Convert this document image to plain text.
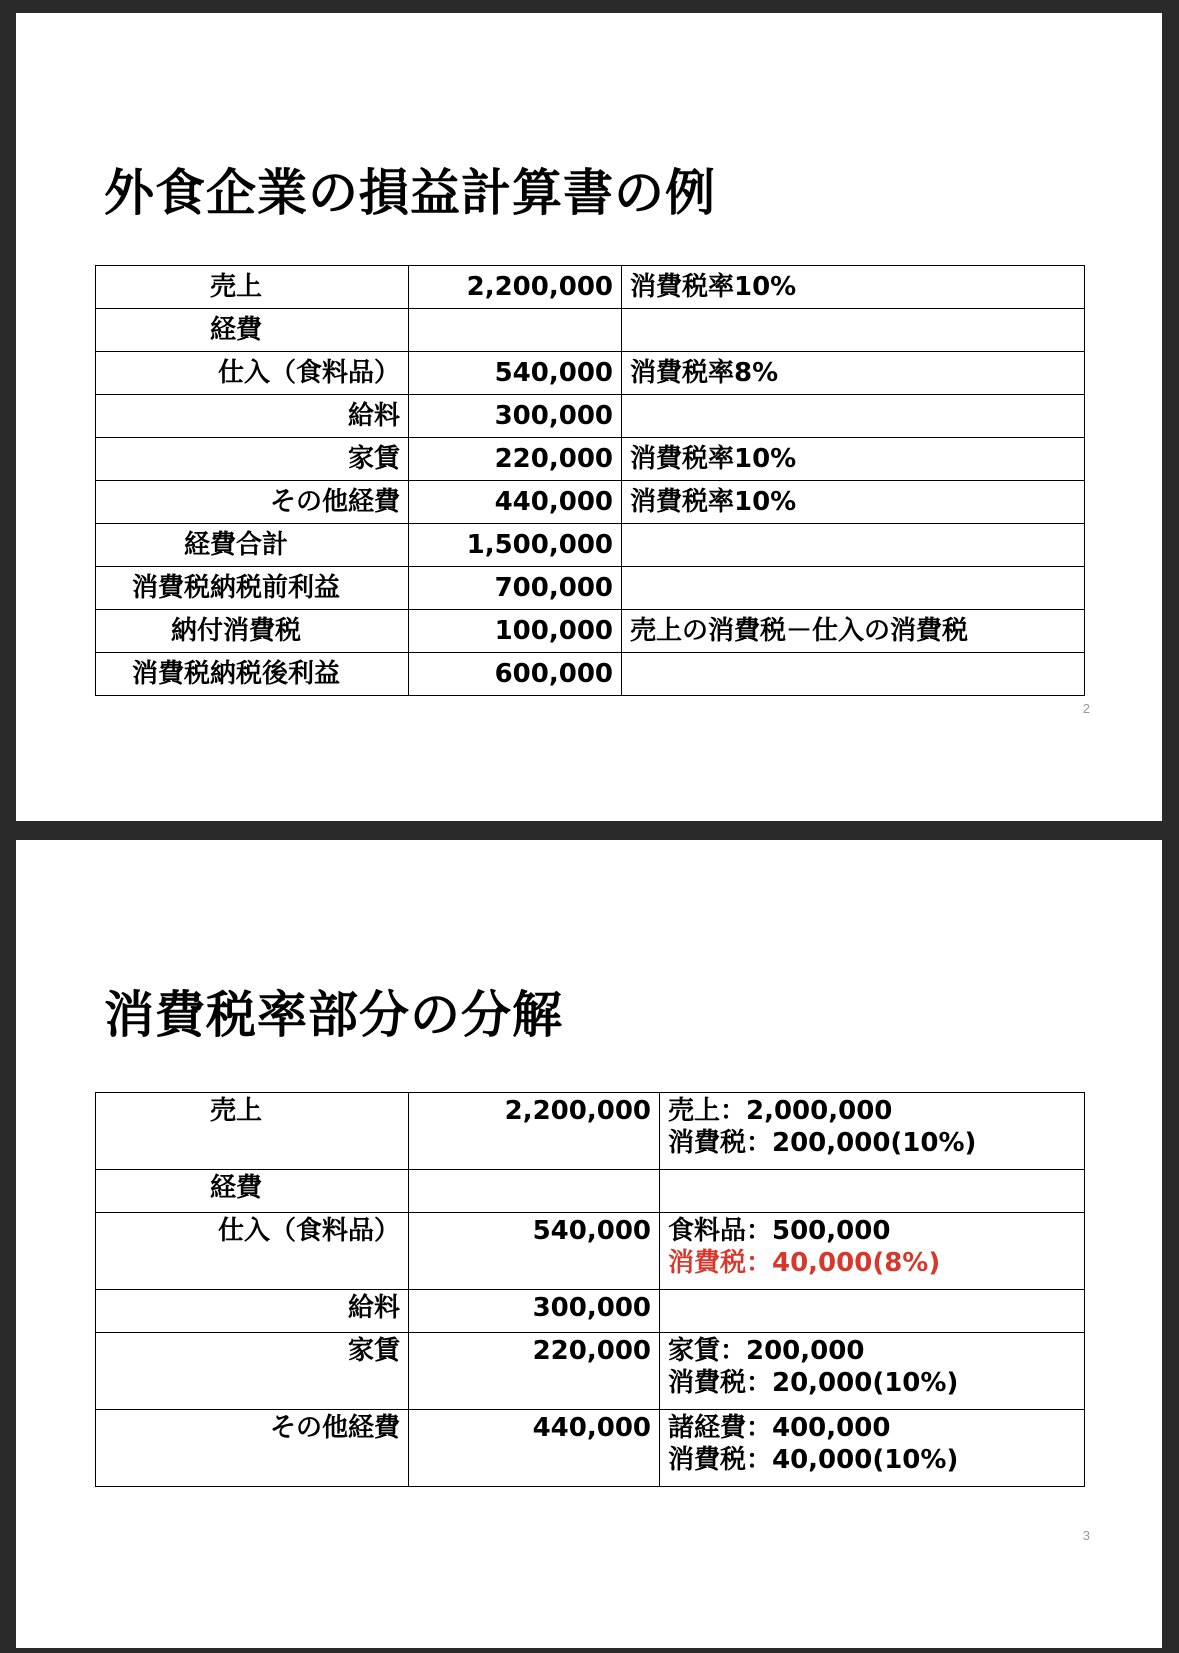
外食企業の損益計算書の例
売上	2,200,000	消費税率10%
経費		
仕入（食料品）	540,000	消費税率8%
給料	300,000	
家賃	220,000	消費税率10%
その他経費	440,000	消費税率10%
経費合計	1,500,000	
消費税納税前利益	700,000	
納付消費税	100,000	売上の消費税－仕入の消費税
消費税納税後利益	600,000	
2
消費税率部分の分解
売上	2,200,000	売上：2,000,000
消費税：200,000(10%)

経費		

仕入（食料品）	540,000	食料品：500,000
消費税：40,000(8%)

給料	300,000	

家賃	220,000	家賃：200,000
消費税：20,000(10%)

その他経費	440,000	諸経費：400,000
消費税：40,000(10%)
3
